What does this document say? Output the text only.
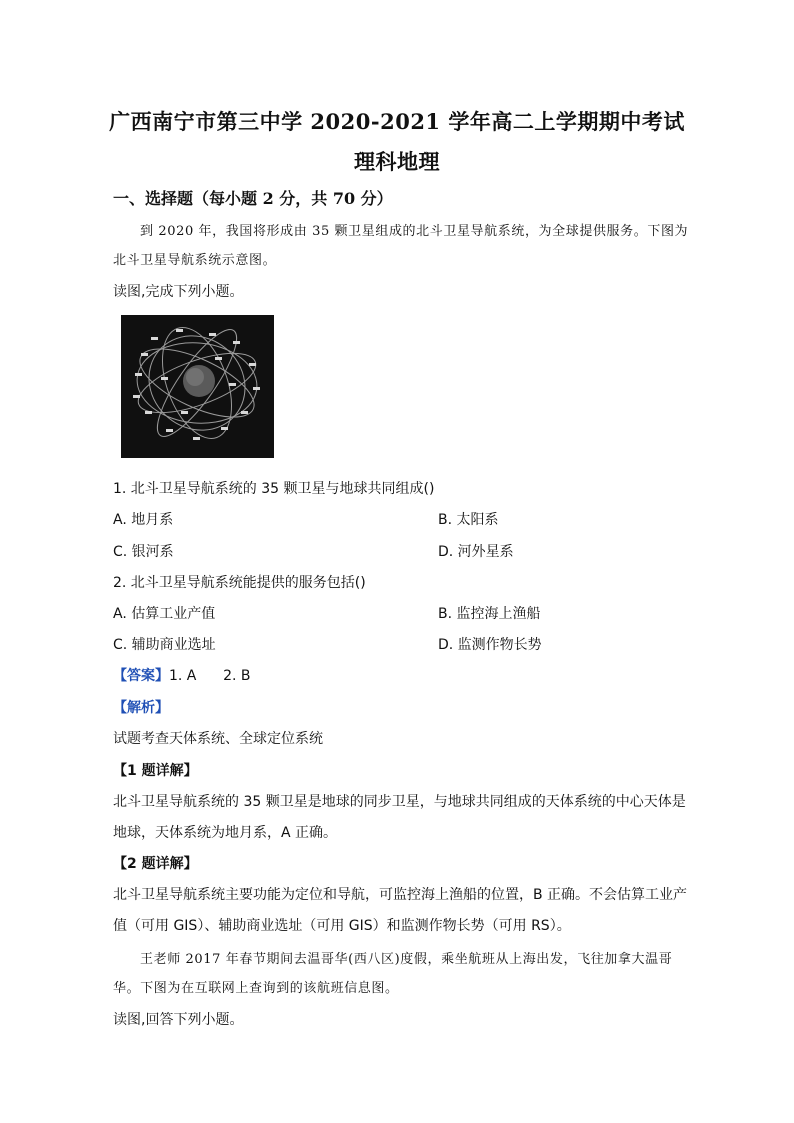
广西南宁市第三中学 2020-2021 学年高二上学期期中考试
理科地理
一、选择题（每小题 2 分，共 70 分）
到 2020 年，我国将形成由 35 颗卫星组成的北斗卫星导航系统，为全球提供服务。下图为
北斗卫星导航系统示意图。
读图,完成下列小题。
1. 北斗卫星导航系统的 35 颗卫星与地球共同组成()
A. 地月系	B. 太阳系
C. 银河系	D. 河外星系
2. 北斗卫星导航系统能提供的服务包括()
A. 估算工业产值	B. 监控海上渔船
C. 辅助商业选址	D. 监测作物长势
【答案】1. A      2. B
【解析】
试题考查天体系统、全球定位系统
【1 题详解】
北斗卫星导航系统的 35 颗卫星是地球的同步卫星，与地球共同组成的天体系统的中心天体是
地球，天体系统为地月系，A 正确。
【2 题详解】
北斗卫星导航系统主要功能为定位和导航，可监控海上渔船的位置，B 正确。不会估算工业产
值（可用 GIS）、辅助商业选址（可用 GIS）和监测作物长势（可用 RS）。
王老师 2017 年春节期间去温哥华(西八区)度假，乘坐航班从上海出发，飞往加拿大温哥
华。下图为在互联网上查询到的该航班信息图。
读图,回答下列小题。
